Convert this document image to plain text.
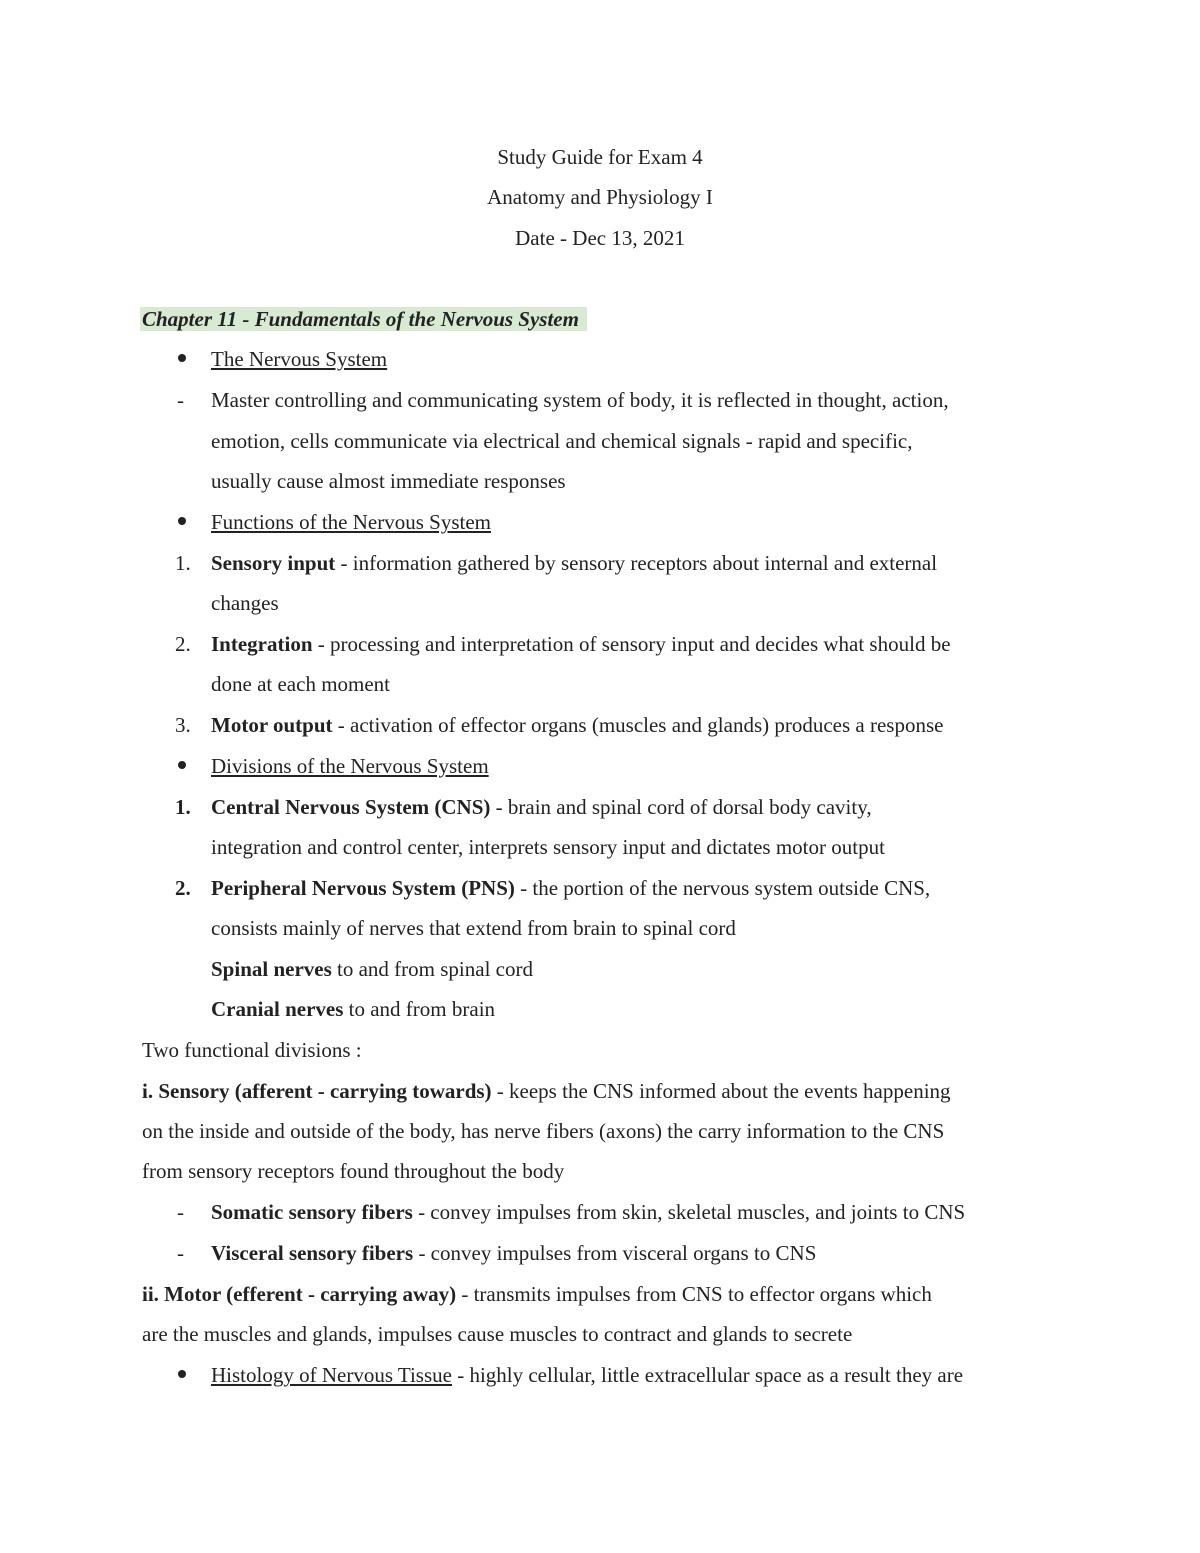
Study Guide for Exam 4
Anatomy and Physiology I
Date - Dec 13, 2021
Chapter 11 - Fundamentals of the Nervous System
The Nervous System
- Master controlling and communicating system of body, it is reflected in thought, action,
emotion, cells communicate via electrical and chemical signals - rapid and specific,
usually cause almost immediate responses
Functions of the Nervous System
1. Sensory input - information gathered by sensory receptors about internal and external
changes
2. Integration - processing and interpretation of sensory input and decides what should be
done at each moment
3. Motor output - activation of effector organs (muscles and glands) produces a response
Divisions of the Nervous System
1. Central Nervous System (CNS) - brain and spinal cord of dorsal body cavity,
integration and control center, interprets sensory input and dictates motor output
2. Peripheral Nervous System (PNS) - the portion of the nervous system outside CNS,
consists mainly of nerves that extend from brain to spinal cord
Spinal nerves to and from spinal cord
Cranial nerves to and from brain
Two functional divisions :
i. Sensory (afferent - carrying towards) - keeps the CNS informed about the events happening
on the inside and outside of the body, has nerve fibers (axons) the carry information to the CNS
from sensory receptors found throughout the body
- Somatic sensory fibers - convey impulses from skin, skeletal muscles, and joints to CNS
- Visceral sensory fibers - convey impulses from visceral organs to CNS
ii. Motor (efferent - carrying away) - transmits impulses from CNS to effector organs which
are the muscles and glands, impulses cause muscles to contract and glands to secrete
Histology of Nervous Tissue - highly cellular, little extracellular space as a result they are
